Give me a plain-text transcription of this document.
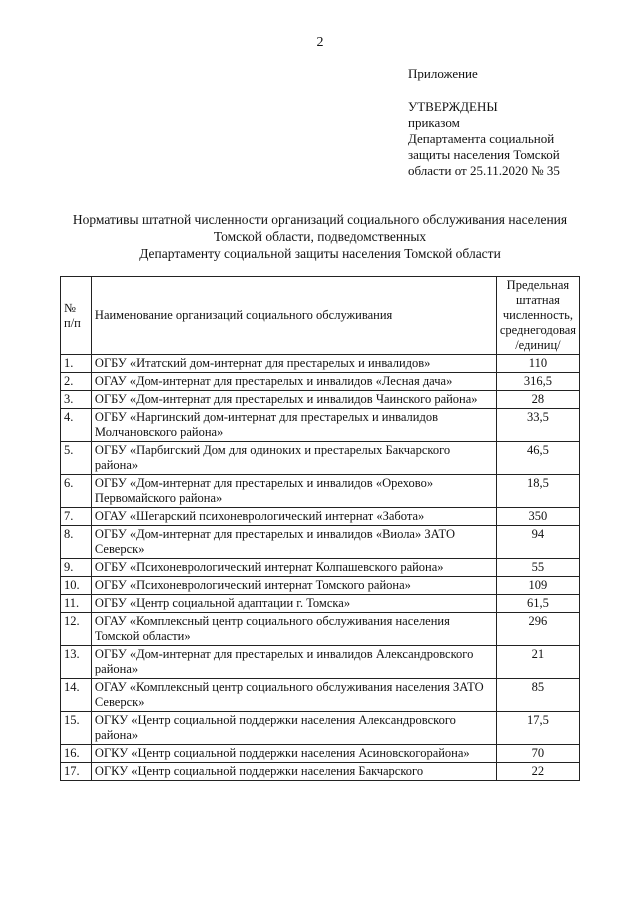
2
Приложение
УТВЕРЖДЕНЫ
приказом
Департамента социальной
защиты населения Томской
области от 25.11.2020 № 35
Нормативы штатной численности организаций социального обслуживания населения
Томской области, подведомственных
Департаменту социальной защиты населения Томской области
№
п/п	Наименование организаций социального обслуживания	Предельная штатная численность, среднегодовая /единиц/
1.	ОГБУ «Итатский дом-интернат для престарелых и инвалидов»	110
2.	ОГАУ «Дом-интернат для престарелых и инвалидов «Лесная дача»	316,5
3.	ОГБУ «Дом-интернат для престарелых и инвалидов Чаинского района»	28
4.	ОГБУ «Наргинский дом-интернат для престарелых и инвалидов Молчановского района»	33,5
5.	ОГБУ «Парбигский Дом для одиноких и престарелых Бакчарского района»	46,5
6.	ОГБУ «Дом-интернат для престарелых и инвалидов «Орехово» Первомайского района»	18,5
7.	ОГАУ «Шегарский психоневрологический интернат «Забота»	350
8.	ОГБУ «Дом-интернат для престарелых и инвалидов «Виола» ЗАТО Северск»	94
9.	ОГБУ «Психоневрологический интернат Колпашевского района»	55
10.	ОГБУ «Психоневрологический интернат Томского района»	109
11.	ОГБУ «Центр социальной адаптации г. Томска»	61,5
12.	ОГАУ «Комплексный центр социального обслуживания населения Томской области»	296
13.	ОГБУ «Дом-интернат для престарелых и инвалидов Александровского района»	21
14.	ОГАУ «Комплексный центр социального обслуживания населения ЗАТО Северск»	85
15.	ОГКУ «Центр социальной поддержки населения Александровского района»	17,5
16.	ОГКУ «Центр социальной поддержки населения Асиновскогорайона»	70
17.	ОГКУ «Центр социальной поддержки населения Бакчарского	22
